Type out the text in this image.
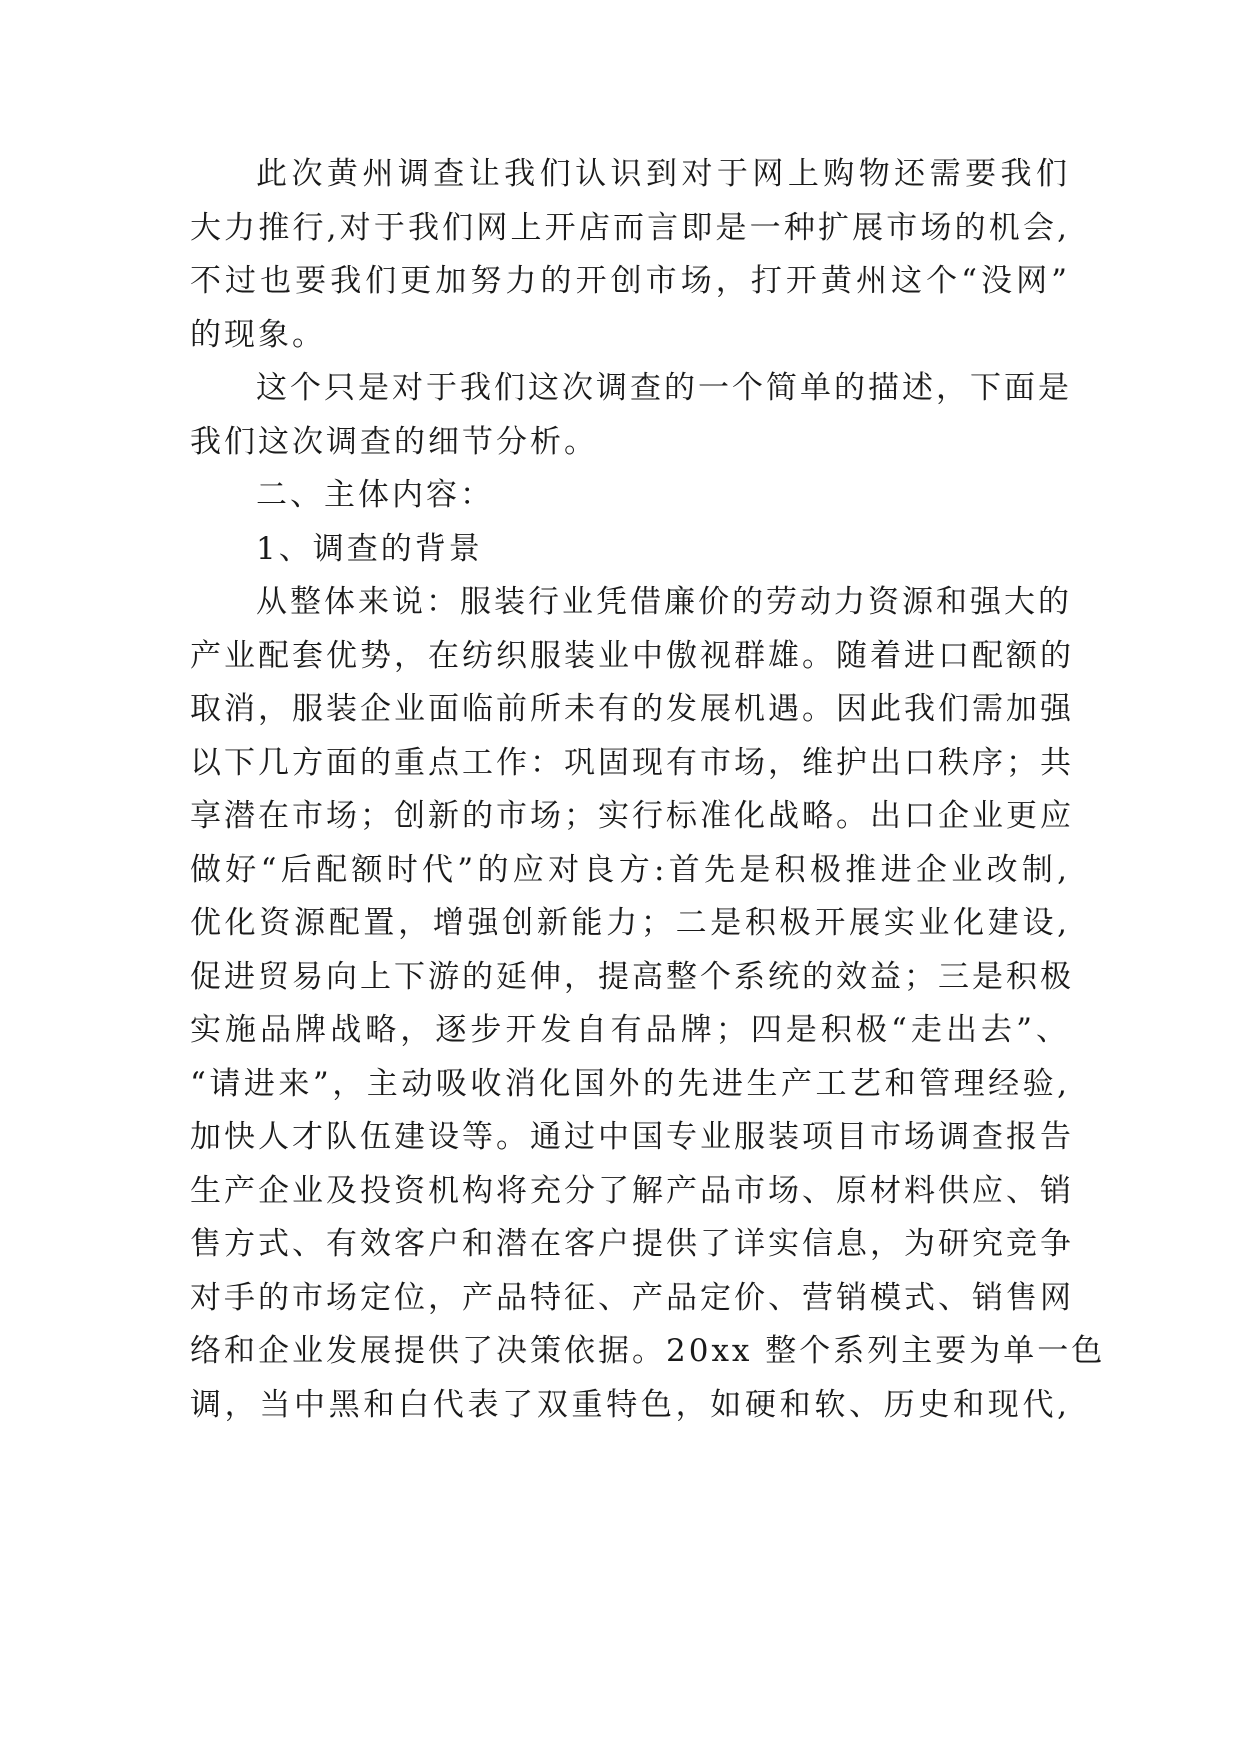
此次黄州调查让我们认识到对于网上购物还需要我们
大力推行,对于我们网上开店而言即是一种扩展市场的机会,
不过也要我们更加努力的开创市场，打开黄州这个“没网”
的现象。

这个只是对于我们这次调查的一个简单的描述，下面是
我们这次调查的细节分析。

二、主体内容：

1、调查的背景

从整体来说：服装行业凭借廉价的劳动力资源和强大的
产业配套优势，在纺织服装业中傲视群雄。随着进口配额的
取消，服装企业面临前所未有的发展机遇。因此我们需加强
以下几方面的重点工作：巩固现有市场，维护出口秩序；共
享潜在市场；创新的市场；实行标准化战略。出口企业更应
做好“后配额时代”的应对良方:首先是积极推进企业改制,
优化资源配置，增强创新能力；二是积极开展实业化建设,
促进贸易向上下游的延伸，提高整个系统的效益；三是积极
实施品牌战略，逐步开发自有品牌；四是积极“走出去”、
“请进来”，主动吸收消化国外的先进生产工艺和管理经验,
加快人才队伍建设等。通过中国专业服装项目市场调查报告
生产企业及投资机构将充分了解产品市场、原材料供应、销
售方式、有效客户和潜在客户提供了详实信息，为研究竞争
对手的市场定位，产品特征、产品定价、营销模式、销售网
络和企业发展提供了决策依据。20xx 整个系列主要为单一色
调，当中黑和白代表了双重特色，如硬和软、历史和现代,
